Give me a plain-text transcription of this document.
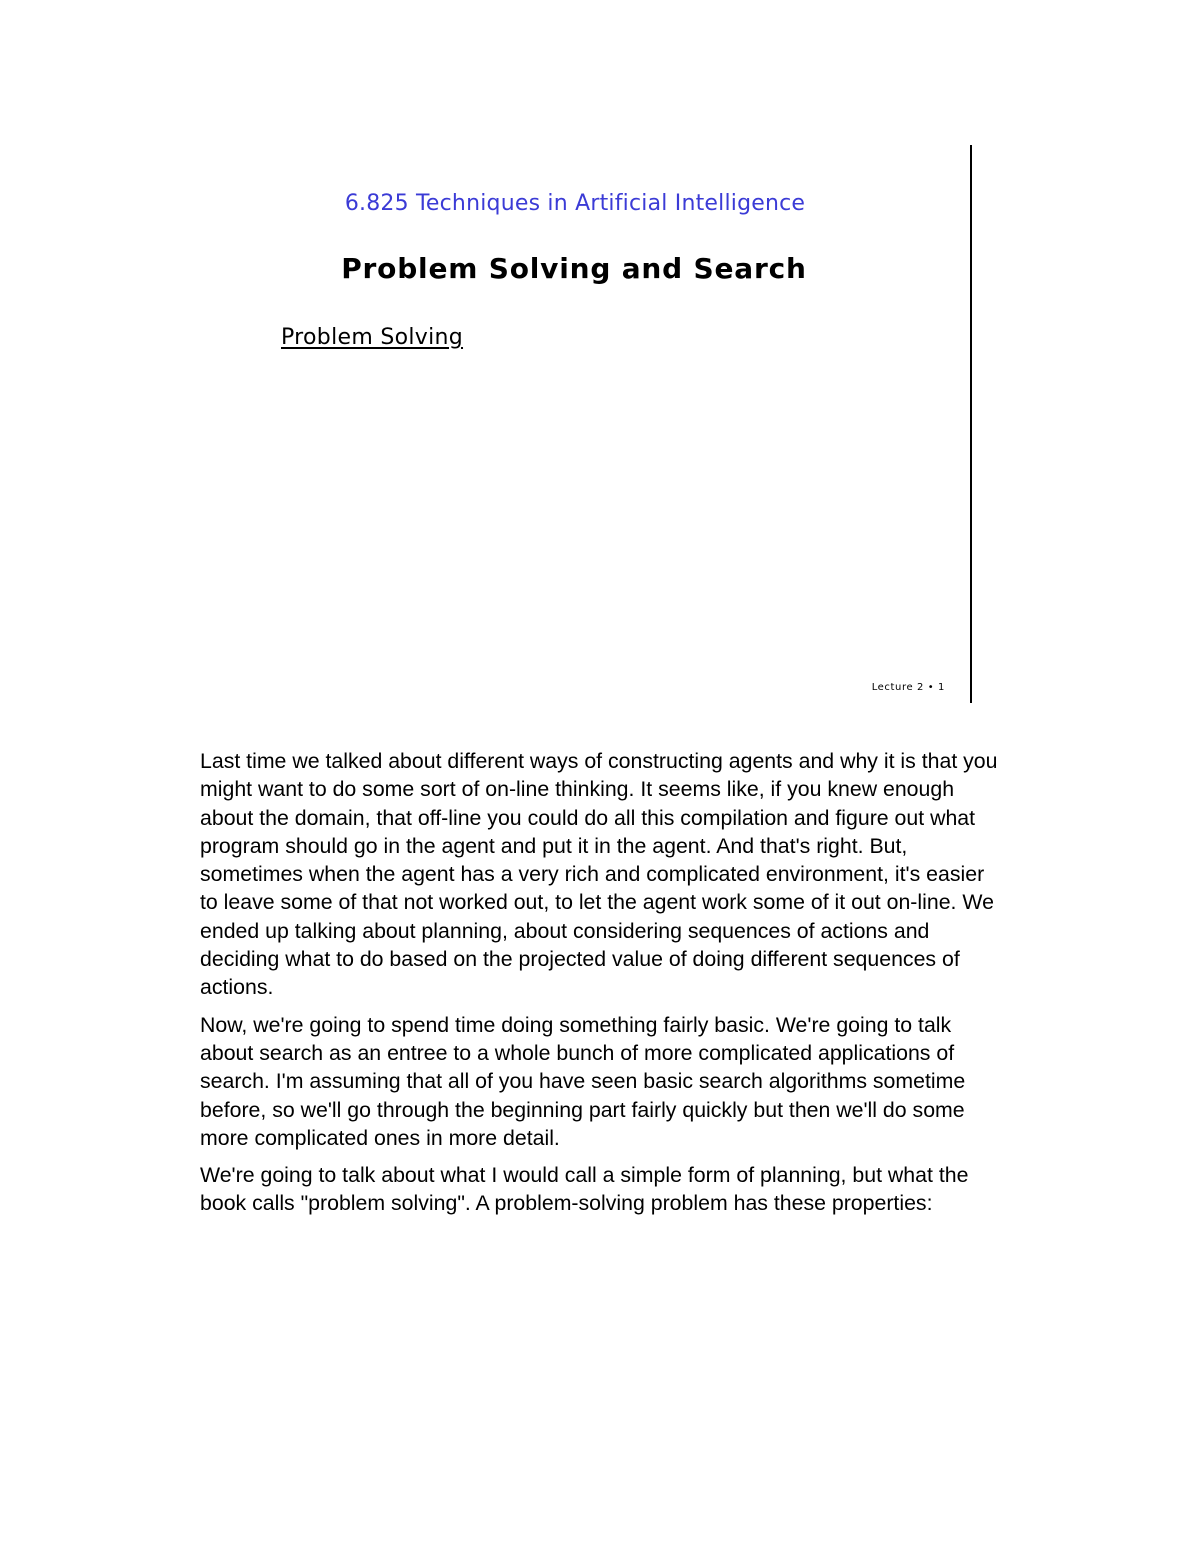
6.825 Techniques in Artificial Intelligence
Problem Solving and Search
Problem Solving
Lecture 2 • 1

Last time we talked about different ways of constructing agents and why it is that you might want to do some sort of on-line thinking. It seems like, if you knew enough about the domain, that off-line you could do all this compilation and figure out what program should go in the agent and put it in the agent. And that's right. But, sometimes when the agent has a very rich and complicated environment, it's easier to leave some of that not worked out, to let the agent work some of it out on-line. We ended up talking about planning, about considering sequences of actions and deciding what to do based on the projected value of doing different sequences of actions.

Now, we're going to spend time doing something fairly basic. We're going to talk about search as an entree to a whole bunch of more complicated applications of search. I'm assuming that all of you have seen basic search algorithms sometime before, so we'll go through the beginning part fairly quickly but then we'll do some more complicated ones in more detail.

We're going to talk about what I would call a simple form of planning, but what the book calls "problem solving". A problem-solving problem has these properties:
